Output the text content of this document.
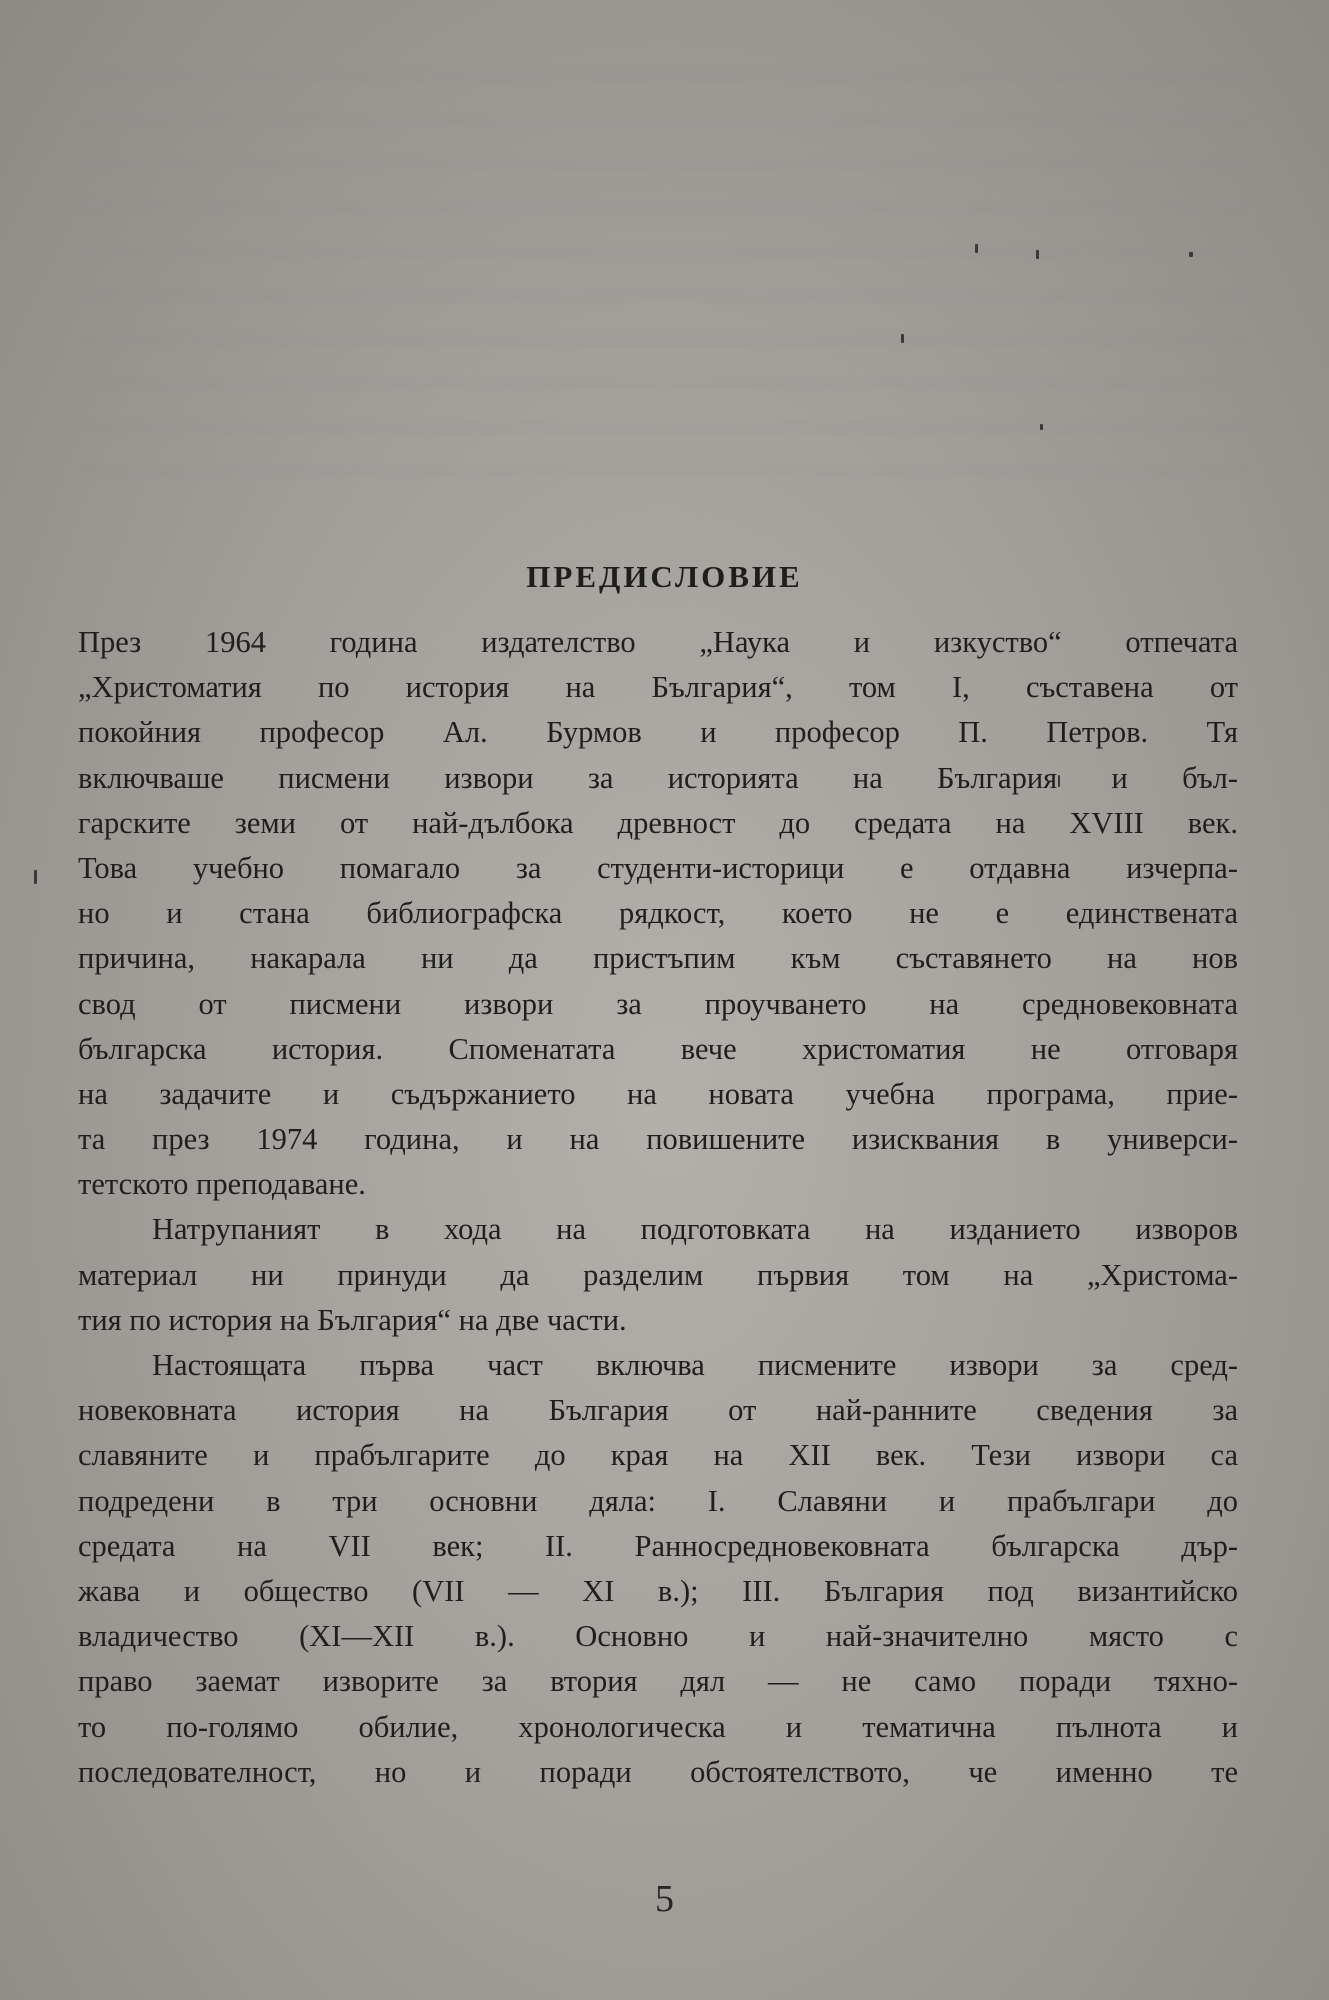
ПРЕДИСЛОВИЕ

През 1964 година издателство „Наука и изкуство“ отпечата
„Христоматия по история на България“, том I, съставена от
покойния професор Ал. Бурмов и професор П. Петров. Тя
включваше писмени извори за историята на България и бъл-
гарските земи от най-дълбока древност до средата на XVIII век.
Това учебно помагало за студенти-историци е отдавна изчерпа-
но и стана библиографска рядкост, което не е единствената
причина, накарала ни да пристъпим към съставянето на нов
свод от писмени извори за проучването на средновековната
българска история. Споменатата вече христоматия не отговаря
на задачите и съдържанието на новата учебна програма, прие-
та през 1974 година, и на повишените изисквания в универси-
тетското преподаване.

Натрупаният в хода на подготовката на изданието изворов
материал ни принуди да разделим първия том на „Христома-
тия по история на България“ на две части.

Настоящата първа част включва писмените извори за сред-
новековната история на България от най-ранните сведения за
славяните и прабългарите до края на XII век. Тези извори са
подредени в три основни дяла: I. Славяни и прабългари до
средата на VII век; II. Ранносредновековната българска дър-
жава и общество (VII — XI в.); III. България под византийско
владичество (XI—XII в.). Основно и най-значително място с
право заемат изворите за втория дял — не само поради тяхно-
то по-голямо обилие, хронологическа и тематична пълнота и
последователност, но и поради обстоятелството, че именно те

5
